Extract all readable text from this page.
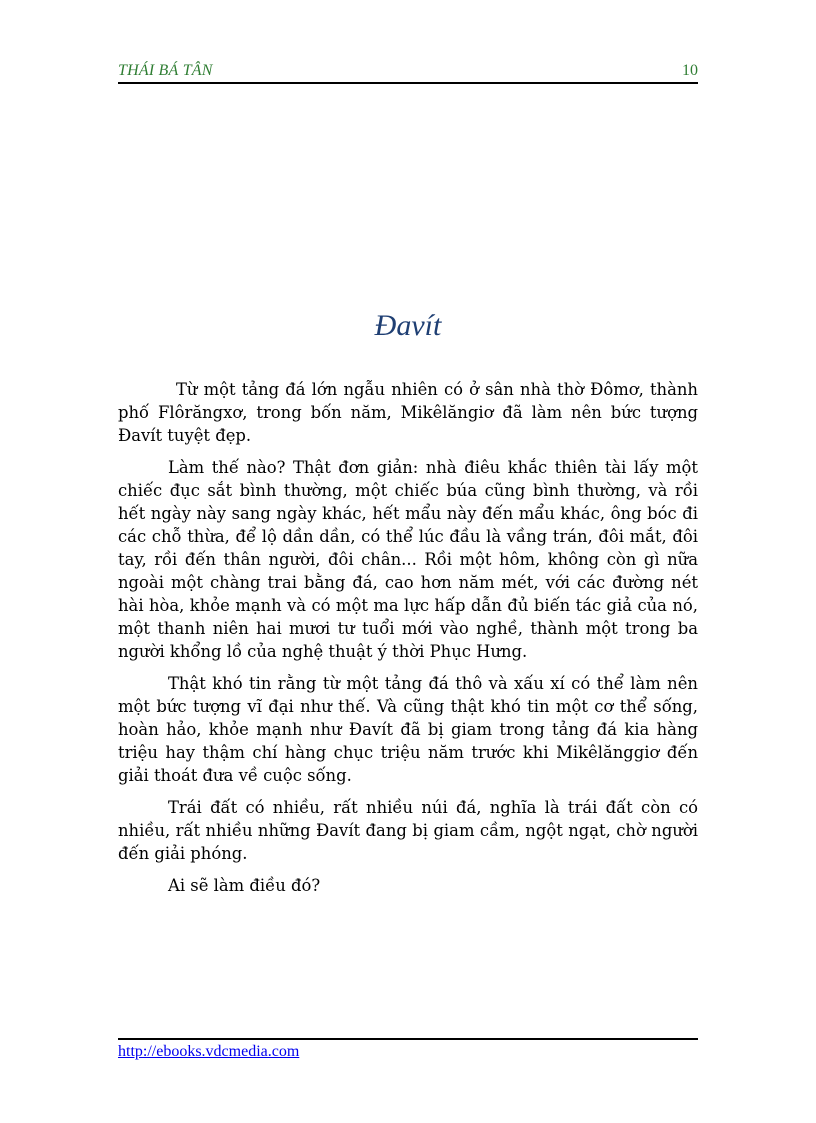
THÁI BÁ TÂN	10
Đavít

Từ một tảng đá lớn ngẫu nhiên có ở sân nhà thờ Đômơ, thành phố Flôrăngxơ, trong bốn năm, Mikêlăngiơ đã làm nên bức tượng Đavít tuyệt đẹp.

Làm thế nào? Thật đơn giản: nhà điêu khắc thiên tài lấy một chiếc đục sắt bình thường, một chiếc búa cũng bình thường, và rồi hết ngày này sang ngày khác, hết mẩu này đến mẩu khác, ông bóc đi các chỗ thừa, để lộ dần dần, có thể lúc đầu là vầng trán, đôi mắt, đôi tay, rồi đến thân người, đôi chân... Rồi một hôm, không còn gì nữa ngoài một chàng trai bằng đá, cao hơn năm mét, với các đường nét hài hòa, khỏe mạnh và có một ma lực hấp dẫn đủ biến tác giả của nó, một thanh niên hai mươi tư tuổi mới vào nghề, thành một trong ba người khổng lồ của nghệ thuật ý thời Phục Hưng.

Thật khó tin rằng từ một tảng đá thô và xấu xí có thể làm nên một bức tượng vĩ đại như thế. Và cũng thật khó tin một cơ thể sống, hoàn hảo, khỏe mạnh như Đavít đã bị giam trong tảng đá kia hàng triệu hay thậm chí hàng chục triệu năm trước khi Mikêlănggiơ đến giải thoát đưa về cuộc sống.

Trái đất có nhiều, rất nhiều núi đá, nghĩa là trái đất còn có nhiều, rất nhiều những Đavít đang bị giam cầm, ngột ngạt, chờ người đến giải phóng.

Ai sẽ làm điều đó?

http://ebooks.vdcmedia.com
